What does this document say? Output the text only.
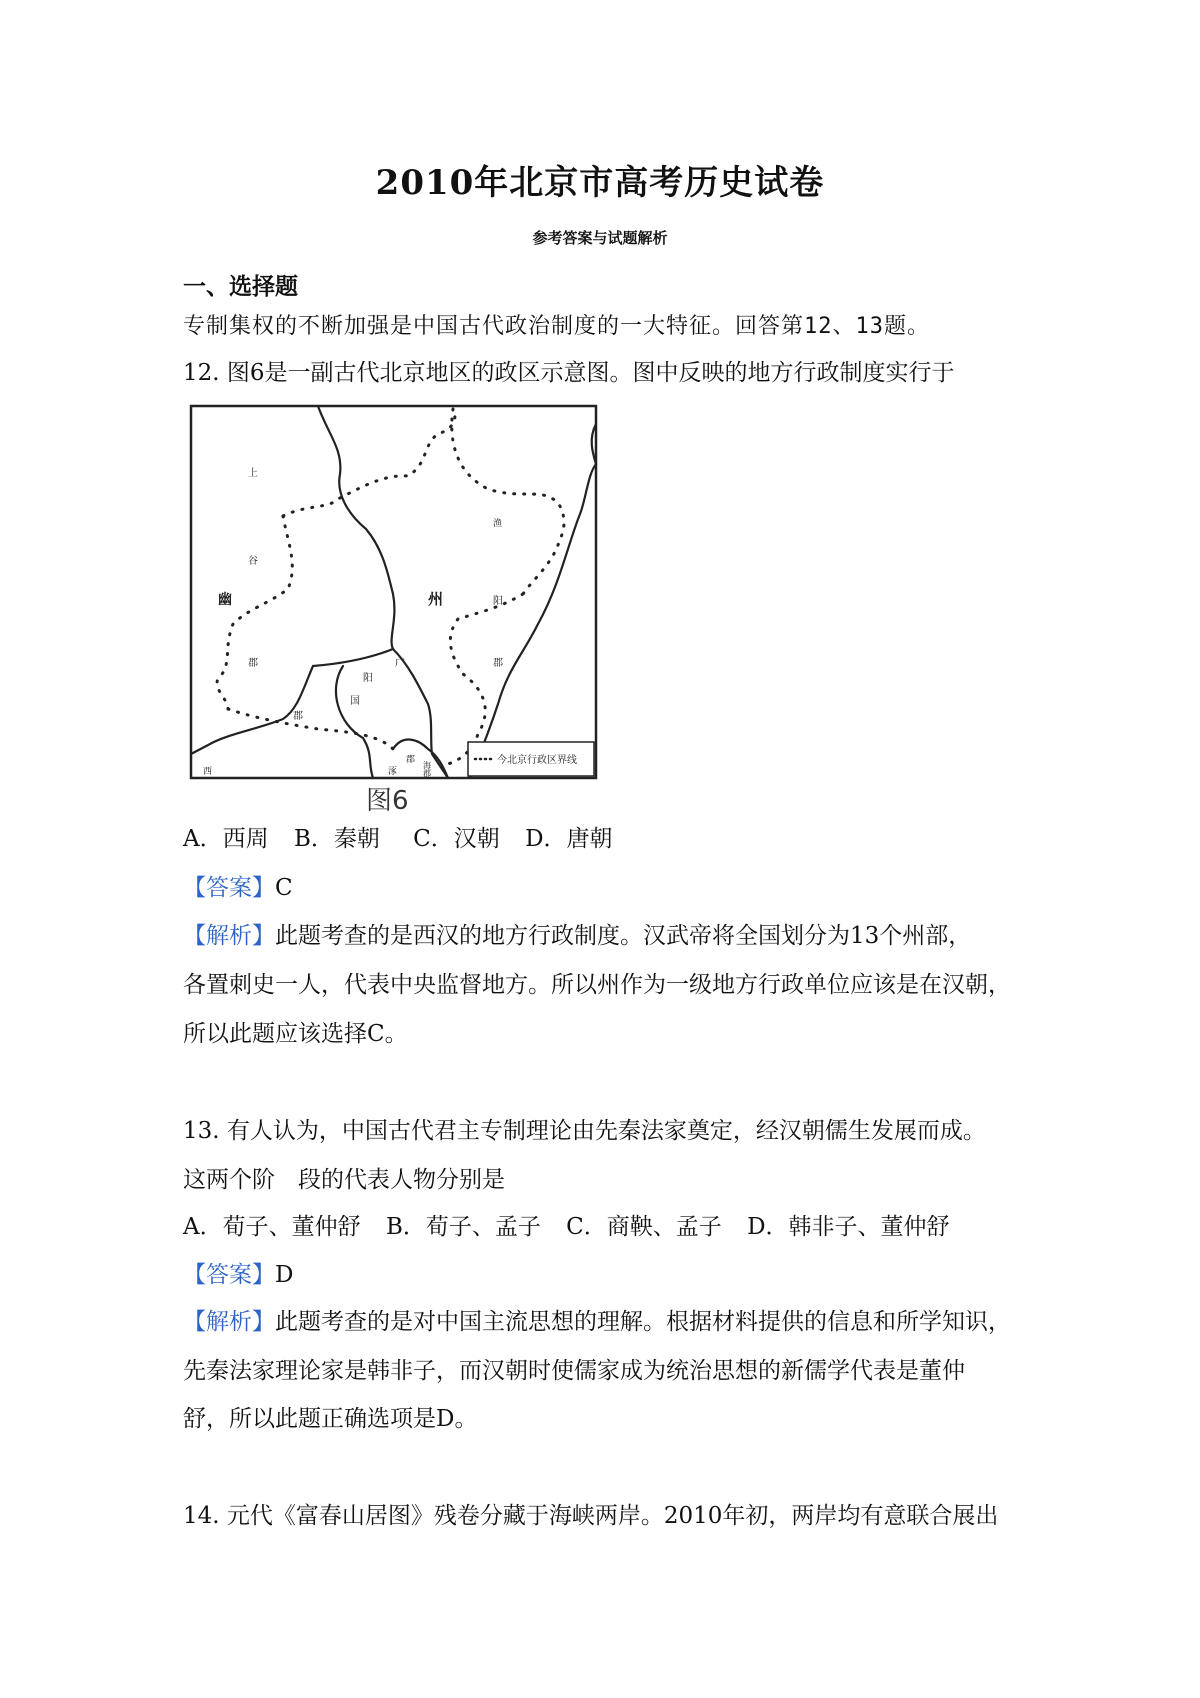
2010年北京市高考历史试卷
参考答案与试题解析
一、选择题
专制集权的不断加强是中国古代政治制度的一大特征。回答第12、13题。
12. 图6是一副古代北京地区的政区示意图。图中反映的地方行政制度实行于
上
谷
幽
郡
郡
州	阳
郡
广
阳
国
郡
渔
西	涿
海
郡
今北京行政区界线
图6
A．西周 B．秦朝 C．汉朝 D．唐朝
【答案】C
【解析】此题考查的是西汉的地方行政制度。汉武帝将全国划分为13个州部，
各置刺史一人，代表中央监督地方。所以州作为一级地方行政单位应该是在汉朝，
所以此题应该选择C。
13. 有人认为，中国古代君主专制理论由先秦法家奠定，经汉朝儒生发展而成。
这两个阶　段的代表人物分别是
A．荀子、董仲舒 B．荀子、孟子 C．商鞅、孟子 D．韩非子、董仲舒
【答案】D
【解析】此题考查的是对中国主流思想的理解。根据材料提供的信息和所学知识，
先秦法家理论家是韩非子，而汉朝时使儒家成为统治思想的新儒学代表是董仲
舒，所以此题正确选项是D。
14. 元代《富春山居图》残卷分藏于海峡两岸。2010年初，两岸均有意联合展出
